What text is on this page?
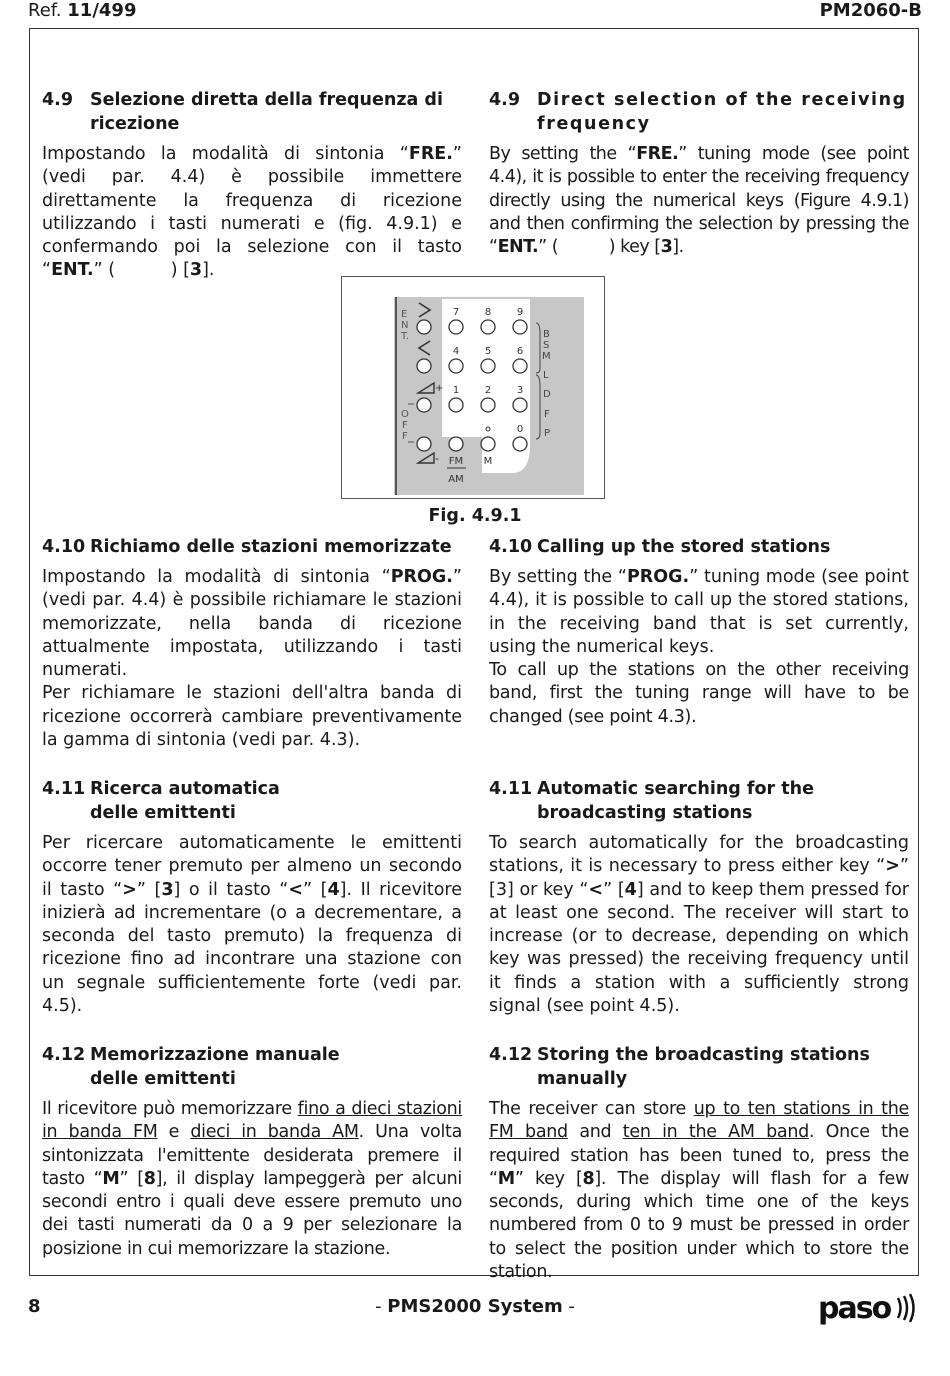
Ref. 11/499	PM2060-B
4.9 Selezione diretta della frequenza di ricezione
Impostando la modalità di sintonia “FRE.” (vedi par. 4.4) è possibile immettere direttamente la frequenza di ricezione utilizzando i tasti numerati e (fig. 4.9.1) e confermando poi la selezione con il tasto “ENT.” (          ) [3].
4.9 Direct selection of the receiving frequency
By setting the “FRE.” tuning mode (see point 4.4), it is possible to enter the receiving frequency directly using the numerical keys (Figure 4.9.1) and then confirming the selection by pressing the “ENT.” (          ) key [3].
E
N
T.
O
F
F
+
-
7	8	9
4	5	6
1	2	3
0
B
S
M
L
D
F
P
FM
AM
M
Fig. 4.9.1
4.10 Richiamo delle stazioni memorizzate
Impostando la modalità di sintonia “PROG.” (vedi par. 4.4) è possibile richiamare le stazioni memorizzate, nella banda di ricezione attualmente impostata, utilizzando i tasti numerati.
Per richiamare le stazioni dell'altra banda di ricezione occorrerà cambiare preventivamente la gamma di sintonia (vedi par. 4.3).
4.10 Calling up the stored stations
By setting the “PROG.” tuning mode (see point 4.4), it is possible to call up the stored stations, in the receiving band that is set currently, using the numerical keys.
To call up the stations on the other receiving band, first the tuning range will have to be changed (see point 4.3).
4.11 Ricerca automatica
delle emittenti
Per ricercare automaticamente le emittenti occorre tener premuto per almeno un secondo il tasto “>” [3] o il tasto “<” [4]. Il ricevitore inizierà ad incrementare (o a decrementare, a seconda del tasto premuto) la frequenza di ricezione fino ad incontrare una stazione con un segnale sufficientemente forte (vedi par. 4.5).
4.11 Automatic searching for the
broadcasting stations
To search automatically for the broadcasting stations, it is necessary to press either key “>” [3] or key “<” [4] and to keep them pressed for at least one second. The receiver will start to increase (or to decrease, depending on which key was pressed) the receiving frequency until it finds a station with a sufficiently strong signal (see point 4.5).
4.12 Memorizzazione manuale
delle emittenti
Il ricevitore può memorizzare fino a dieci stazioni in banda FM e dieci in banda AM. Una volta sintonizzata l'emittente desiderata premere il tasto “M” [8], il display lampeggerà per alcuni secondi entro i quali deve essere premuto uno dei tasti numerati da 0 a 9 per selezionare la posizione in cui memorizzare la stazione.
4.12 Storing the broadcasting stations
manually
The receiver can store up to ten stations in the FM band and ten in the AM band. Once the required station has been tuned to, press the “M” key [8]. The display will flash for a few seconds, during which time one of the keys numbered from 0 to 9 must be pressed in order to select the position under which to store the station.
8	- PMS2000 System -	paso
